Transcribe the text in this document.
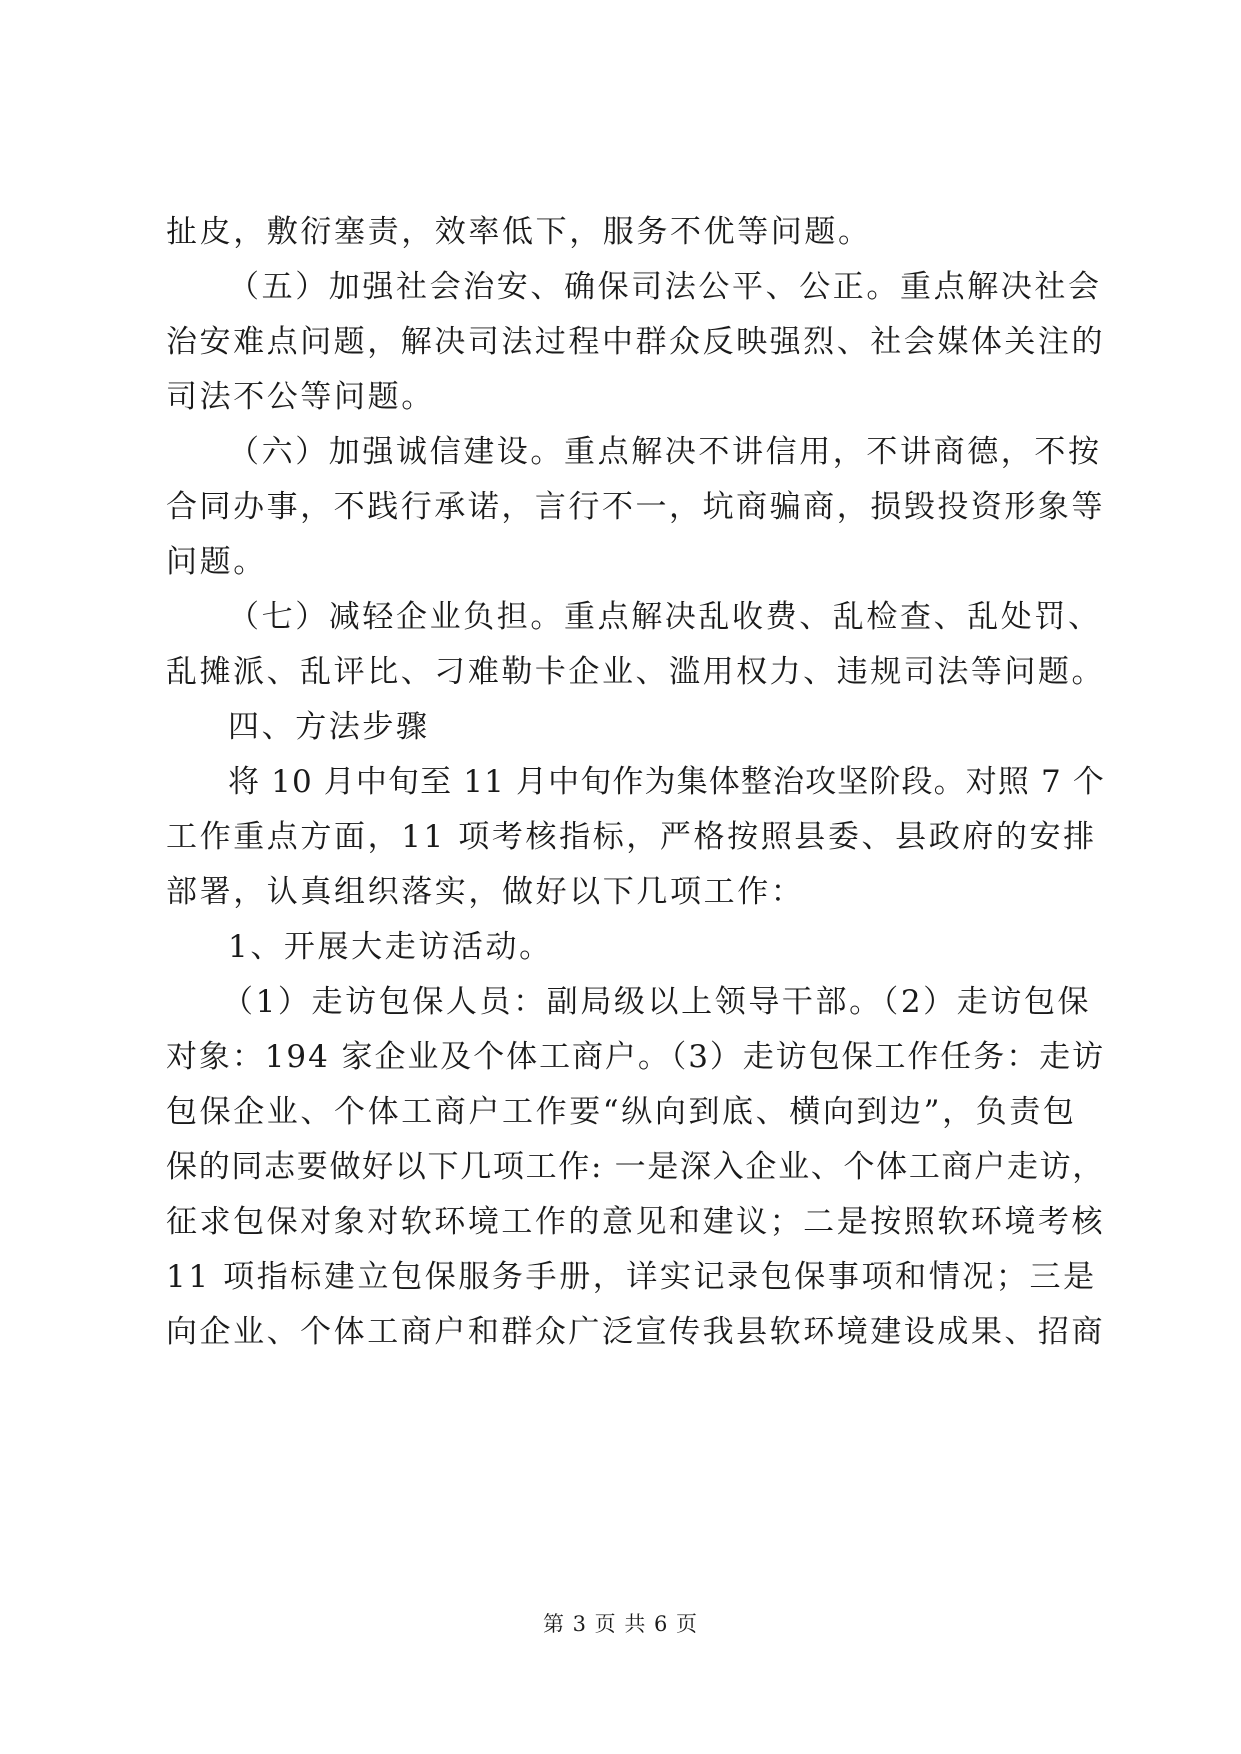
扯皮，敷衍塞责，效率低下，服务不优等问题。
（五）加强社会治安、确保司法公平、公正。重点解决社会
治安难点问题，解决司法过程中群众反映强烈、社会媒体关注的
司法不公等问题。
（六）加强诚信建设。重点解决不讲信用，不讲商德，不按
合同办事，不践行承诺，言行不一，坑商骗商，损毁投资形象等
问题。
（七）减轻企业负担。重点解决乱收费、乱检查、乱处罚、
乱摊派、乱评比、刁难勒卡企业、滥用权力、违规司法等问题。
四、方法步骤
将 10 月中旬至 11 月中旬作为集体整治攻坚阶段。对照 7 个
工作重点方面，11 项考核指标，严格按照县委、县政府的安排
部署，认真组织落实，做好以下几项工作：
1、开展大走访活动。
（1）走访包保人员：副局级以上领导干部。（2）走访包保
对象：194 家企业及个体工商户。（3）走访包保工作任务：走访
包保企业、个体工商户工作要“纵向到底、横向到边”，负责包
保的同志要做好以下几项工作: 一是深入企业、个体工商户走访，
征求包保对象对软环境工作的意见和建议；二是按照软环境考核
11 项指标建立包保服务手册，详实记录包保事项和情况；三是
向企业、个体工商户和群众广泛宣传我县软环境建设成果、招商
第 3 页 共 6 页
